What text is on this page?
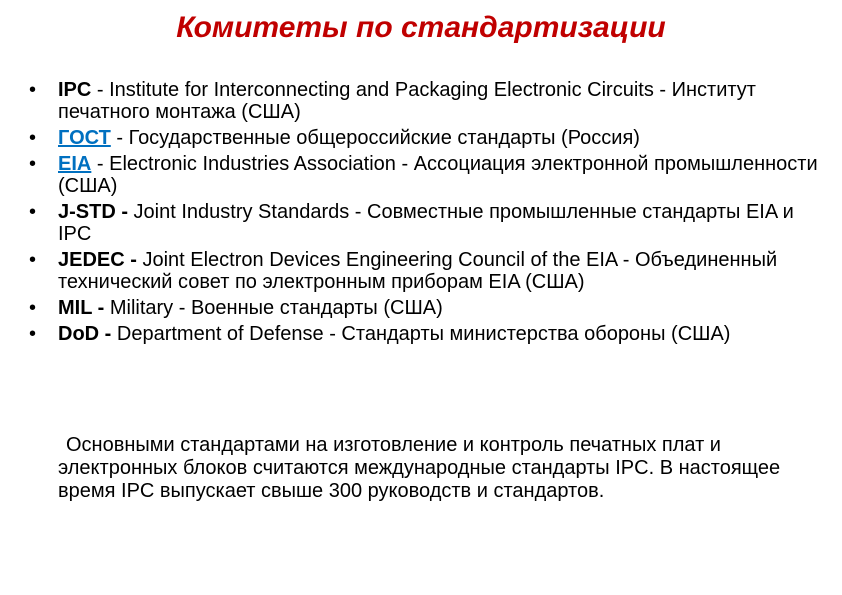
Комитеты по стандартизации
• IPC - Institute for Interconnecting and Packaging Electronic Circuits - Институт печатного монтажа (США)
• ГОСТ - Государственные общероссийские стандарты (Россия)
• EIA - Electronic Industries Association - Ассоциация электронной промышленности (США)
• J-STD - Joint Industry Standards - Совместные промышленные стандарты EIA и IPC
• JEDEC - Joint Electron Devices Engineering Council of the EIA - Объединенный технический совет по электронным приборам EIA (США)
• MIL - Military - Военные стандарты (США)
• DoD - Department of Defense - Стандарты министерства обороны (США)

Основными стандартами на изготовление и контроль печатных плат и электронных блоков считаются международные стандарты IPC. В настоящее время IPC выпускает свыше 300 руководств и стандартов.
